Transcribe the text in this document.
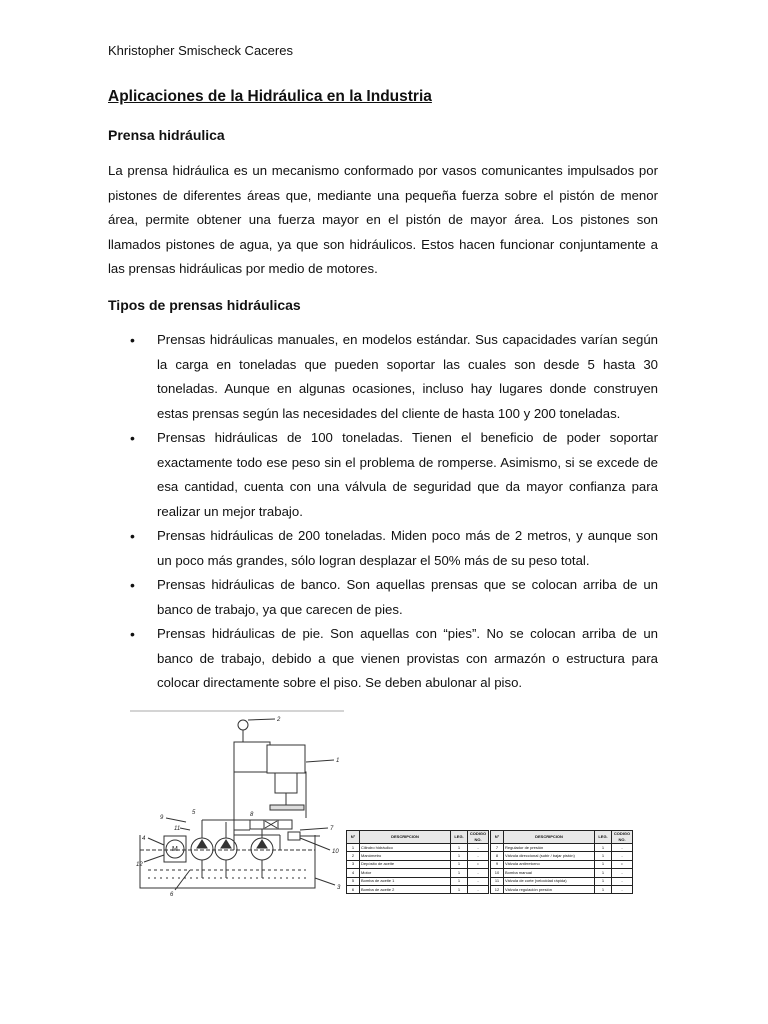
Khristopher Smischeck Caceres
Aplicaciones de la Hidráulica en la Industria
Prensa hidráulica

La prensa hidráulica es un mecanismo conformado por vasos comunicantes impulsados por pistones de diferentes áreas que, mediante una pequeña fuerza sobre el pistón de menor área, permite obtener una fuerza mayor en el pistón de mayor área. Los pistones son llamados pistones de agua, ya que son hidráulicos. Estos hacen funcionar conjuntamente a las prensas hidráulicas por medio de motores.

Tipos de prensas hidráulicas
• Prensas hidráulicas manuales, en modelos estándar. Sus capacidades varían según la carga en toneladas que pueden soportar las cuales son desde 5 hasta 30 toneladas. Aunque en algunas ocasiones, incluso hay lugares donde construyen estas prensas según las necesidades del cliente de hasta 100 y 200 toneladas.
• Prensas hidráulicas de 100 toneladas. Tienen el beneficio de poder soportar exactamente todo ese peso sin el problema de romperse. Asimismo, si se excede de esa cantidad, cuenta con una válvula de seguridad que da mayor confianza para realizar un mejor trabajo.
• Prensas hidráulicas de 200 toneladas. Miden poco más de 2 metros, y aunque son un poco más grandes, sólo logran desplazar el 50% más de su peso total.
• Prensas hidráulicas de banco. Son aquellas prensas que se colocan arriba de un banco de trabajo, ya que carecen de pies.
• Prensas hidráulicas de pie. Son aquellas con “pies”. No se colocan arriba de un banco de trabajo, debido a que vienen provistas con armazón o estructura para colocar directamente sobre el piso. Se deben abulonar al piso.
2
1
3
4
9
11
12
6
7
10
5	8
M
N°	DESCRIPCION	LEG.	CODIGO NO.
1	Cilindro hidráulico	1	-
2	Manómetro	1	-
3	Depósito de aceite	1	•
4	Motor	1	-
5	Bomba de aceite 1	1	-
6	Bomba de aceite 2	1	-
N°	DESCRIPCION	LEG.	CODIGO NO.
7	Regulador de presión	1	-
8	Válvula direccional (subir / bajar pistón)	1	-
9	Válvula antirretorno	1	•
10	Bomba manual	1	-
11	Válvula de corte (velocidad rápida)	1	-
12	Válvula regulación presión	1	-
